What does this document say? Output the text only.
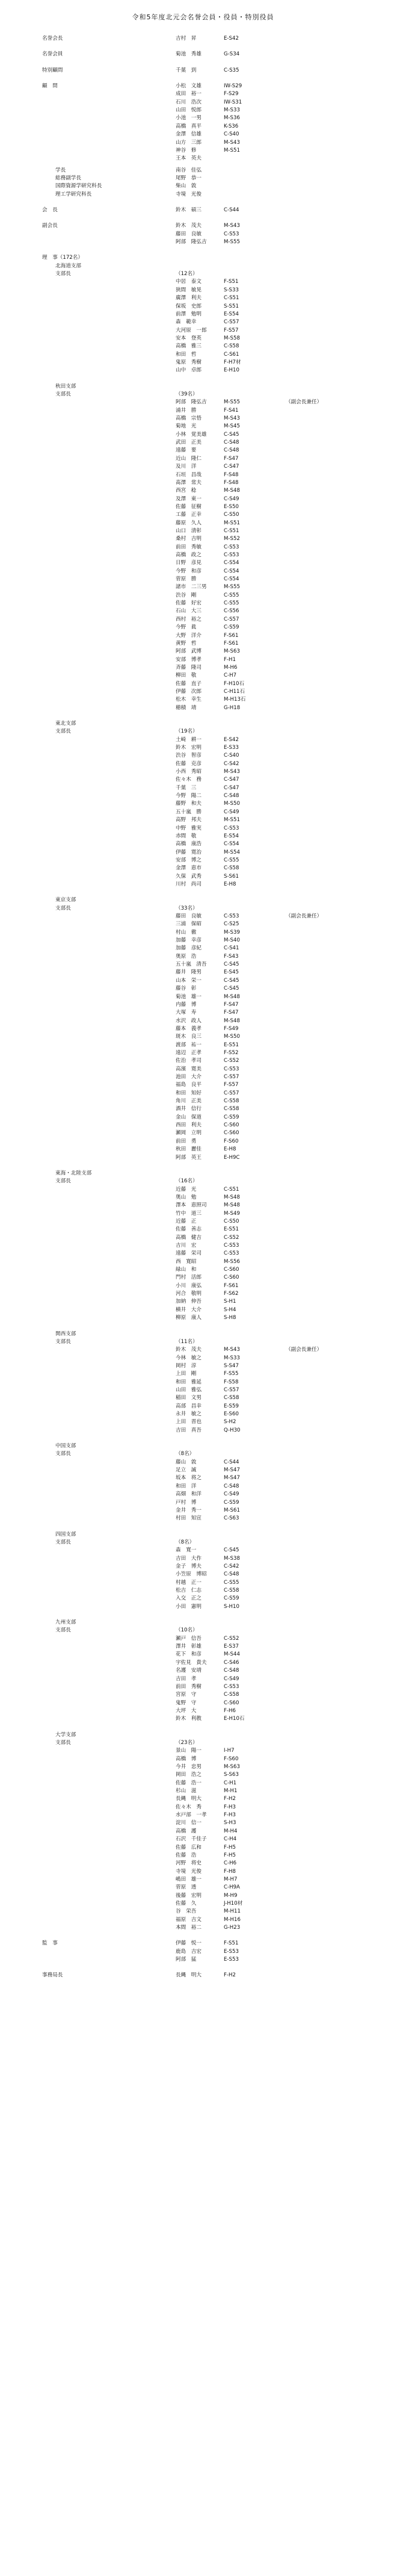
令和5年度北元会名誉会員・役員・特別役員
名誉会長	吉村　昇	E-S42
名誉会員	菊池　秀雄	G-S34
特別顧問	千葉　到	C-S35
顧　問	小松　文雄	IW-S29
成田　裕一	F-S29
石川　浩次	IW-S31
山田　悦郎	M-S33
小池　一男	M-S36
高橋　真平	K-S36
金澤　信雄	C-S40
山方　三郎	M-S43
神谷　修	M-S51
王本　英夫
学長	南谷　佳弘
総務副学長	尾野　恭一
国際資源学研究科長	柴山　敦
理工学研究科長	寺境　光俊
会　長	鈴木　碩三	C-S44
副会長	鈴木　茂夫	M-S43
藤田　良敏	C-S53
阿部　隆弘吉	M-S55
理　事（172名）
北海道支部
支部長	（12名）
中居　泰文	F-S51
狭間　敏晃	S-S33
廣澤　利夫	C-S51
保坂　史郎	S-S51
前澤　勉明	E-S54
森　範幸	C-S57
大河原　一郎	F-S57
安本　登英	M-S58
高橋　雅三	C-S58
和田　哲	C-S61
鬼原　秀樹	F-H7材
山中　卓郎	E-H10
秋田支部
支部長	（39名）
阿部　隆弘吉	M-S55	（副会長兼任）
浦井　勝	F-S41
高橋　宗悟	M-S43
菊地　光	M-S45
小林　覚美雄	C-S45
武田　正美	C-S48
遠藤　要	C-S48
近山　隆仁	F-S47
及川　洋	C-S47
石垣　昌哉	F-S48
髙澤　常夫	F-S48
西宮　稔	M-S48
及澤　東一	C-S49
佐藤　征樹	E-S50
工藤　正幸	C-S50
藤原　久人	M-S51
山口　清彰	C-S51
桑村　吉明	M-S52
前田　秀敏	C-S53
高橋　政之	C-S53
日野　彦見	C-S54
今野　和彦	C-S54
菅原　勝	C-S54
諸市　二三男	M-S55
渋谷　剛	C-S55
佐藤　好宏	C-S55
石山　大三	C-S56
西村　裕之	C-S57
今野　眞	C-S59
大野　洋介	F-S61
黄野　哲	F-S61
阿部　武博	M-S63
安部　博孝	F-H1
斉藤　隆司	M-H6
柳田　敬	C-H7
佐藤　直子	F-H10石
伊藤　次郎	C-H11石
松木　幸生	M-H13石
穂積　靖	G-H18
東北支部
支部長	（19名）
土崎　耕一	E-S42
鈴木　宏明	E-S33
渋谷　智彦	C-S40
佐藤　克彦	C-S42
小西　秀昭	M-S43
佐々木　務	C-S47
千葉　三	C-S47
今野　陽二	C-S48
藤野　和夫	M-S50
五十嵐　勝	C-S49
高野　邦夫	M-S51
中野　雅実	C-S53
赤間　敬	E-S54
高橋　康浩	C-S54
伊藤　寛治	M-S54
安部　博之	C-S55
金澤　恵市	C-S58
久保　武秀	S-S61
川村　尚司	E-H8
東京支部
支部長	（33名）
藤田　良敏	C-S53	（副会長兼任）
三浦　保昭	C-S25
村山　徹	M-S39
加藤　幸彦	M-S40
加藤　彦紀	C-S41
奥原　浩	F-S43
五十嵐　清吾	C-S45
藤井　隆男	E-S45
山本　栄一	C-S45
藤谷　彰	C-S45
菊池　雄一	M-S48
内藤　博	F-S47
大塚　寿	F-S47
水沢　政人	M-S48
藤本　義孝	F-S49
斑木　良三	M-S50
渡部　祐一	E-S51
遠辺　正孝	F-S52
佐治　孝司	C-S52
高濱　寛美	C-S53
池田　大介	C-S57
福島　良平	F-S57
和田　知好	C-S57
角川　正美	C-S58
酒井　信行	C-S58
金山　保道	C-S59
西田　利夫	C-S60
瀬岡　立明	C-S60
前田　勇	F-S60
秋田　麗佳	E-H8
阿部　英王	E-H9C
東海・北陸支部
支部長	（16名）
近藤　光	C-S51
奥山　勉	M-S48
澤本　恵照司	M-S48
竹中　道三	M-S49
近藤　正	C-S50
佐藤　善志	E-S51
高橋　健吉	C-S52
吉川　宏	C-S53
遠藤　栄司	C-S53
西　寛昭	M-S56
緑山　和	C-S60
門村　活郎	C-S60
小川　康弘	F-S61
河合　敬明	F-S62
加納　伸吾	S-H1
横井　大介	S-H4
柳原　康人	S-H8
関西支部
支部長	（11名）
鈴木　茂夫	M-S43	（副会長兼任）
今林　敏之	M-S33
岡村　淳	S-S47
上田　剛	F-S55
和田　雅延	F-S58
山田　雅弘	C-S57
稲田　文男	C-S58
高部　昌幸	E-S59
永井　敏之	E-S60
上田　晋也	S-H2
吉田　真吾	Q-H30
中国支部
支部長	（8名）
藤山　敦	C-S44
足立　誠	M-S47
坂本　将之	M-S47
和田　洋	C-S48
高畑　和洋	C-S49
戸村　博	C-S59
金井　秀一	M-S61
村田　知宣	C-S63
四国支部
支部長	（8名）
森　寛一	C-S45
吉田　大作	M-S38
金子　博夫	C-S42
小笠原　博昭	C-S48
村越　正一	C-S55
松吉　仁志	C-S58
入交　正之	C-S59
小田　憲明	S-H10
九州支部
支部長	（10名）
瀬戸　信吾	C-S52
澤井　彰雄	E-S37
花下　和彦	M-S44
宇佐見　貴夫	C-S46
名護　安靖	C-S48
吉田　孝	C-S49
前田　秀樹	C-S53
宮原　守	C-S58
鬼野　守	C-S60
大坪　大	F-H6
鈴木　利教	E-H10石
大学支部
支部長	（23名）
景山　陽一	I-H7
高橋　博	F-S60
今井　忠男	M-S63
岡田　浩之	S-S63
佐藤　浩一	C-H1
杉山　滋	M-H1
長縄　明大	F-H2
佐々木　秀	F-H3
水戸部　一孝	F-H3
淀川　信一	S-H3
高橋　護	M-H4
石沢　千佳子	C-H4
佐藤　広和	F-H5
佐藤　浩	F-H5
河野　将史	C-H6
寺境　光俊	F-H8
嶋田　雄一	M-H7
菅原　透	C-H9A
後藤　宏明	M-H9
佐藤　久	J-H10材
谷　栄吾	M-H11
福原　吉文	M-H16
本間　裕二	G-H23
監　事	伊藤　悦一	F-S51
鹿島　吉宏	E-S53
阿部　猛	E-S53
事務局長	長縄　明大	F-H2
